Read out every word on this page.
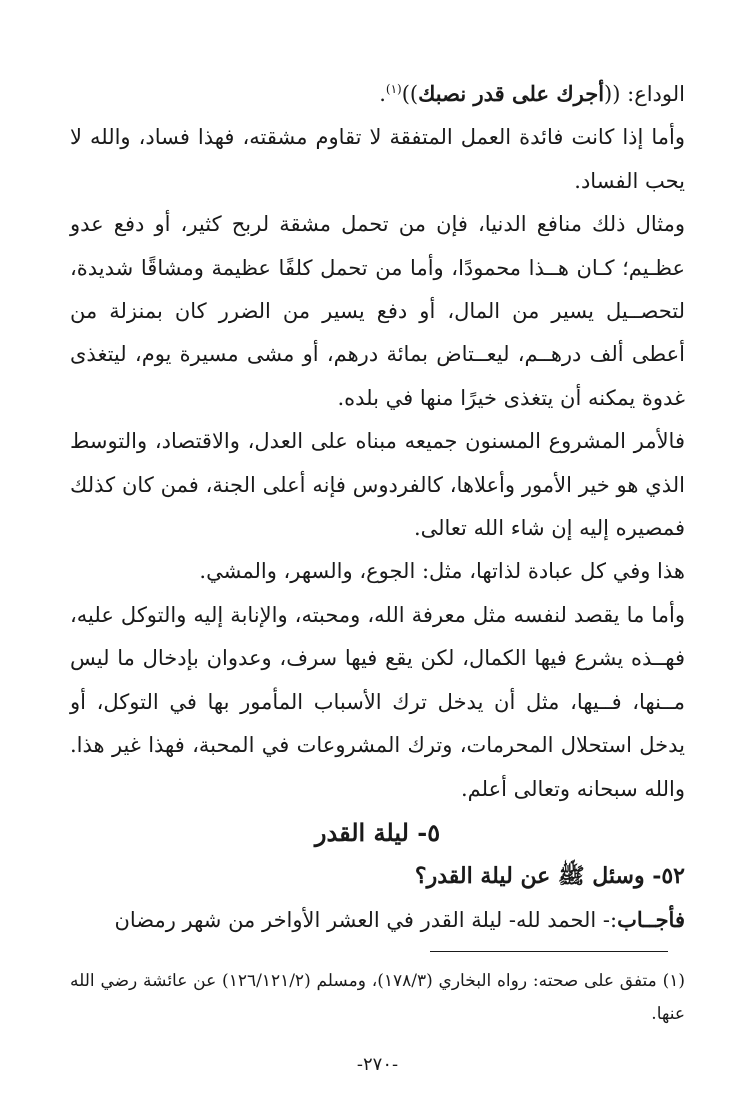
الوداع: ((أجرك على قدر نصبك))$^{(١)}$.

وأما إذا كانت فائدة العمل المتفقة لا تقاوم مشقته، فهذا فساد، والله لا يحب الفساد.

ومثال ذلك منافع الدنيا، فإن من تحمل مشقة لربح كثير، أو دفع عدو عظـيم؛ كـان هــذا محمودًا، وأما من تحمل كلفًا عظيمة ومشاقًا شديدة، لتحصــيل يسير من المال، أو دفع يسير من الضرر كان بمنزلة من أعطى ألف درهــم، ليعــتاض بمائة درهم، أو مشى مسيرة يوم، ليتغذى غدوة يمكنه أن يتغذى خيرًا منها في بلده.

فالأمر المشروع المسنون جميعه مبناه على العدل، والاقتصاد، والتوسط الذي هو خير الأمور وأعلاها، كالفردوس فإنه أعلى الجنة، فمن كان كذلك فمصيره إليه إن شاء الله تعالى.

هذا وفي كل عبادة لذاتها، مثل: الجوع، والسهر، والمشي.

وأما ما يقصد لنفسه مثل معرفة الله، ومحبته، والإنابة إليه والتوكل عليه، فهــذه يشرع فيها الكمال، لكن يقع فيها سرف، وعدوان بإدخال ما ليس مــنها، فــيها، مثل أن يدخل ترك الأسباب المأمور بها في التوكل، أو يدخل استحلال المحرمات، وترك المشروعات في المحبة، فهذا غير هذا. والله سبحانه وتعالى أعلم.

٥- ليلة القدر

٥٢- وسئل ﷺ عن ليلة القدر؟

فأجــاب:- الحمد لله- ليلة القدر في العشر الأواخر من شهر رمضان

(١) متفق على صحته: رواه البخاري (١٧٨/٣)، ومسلم (١٢٦/١٢١/٢) عن عائشة رضي الله عنها.

-٢٧٠-
